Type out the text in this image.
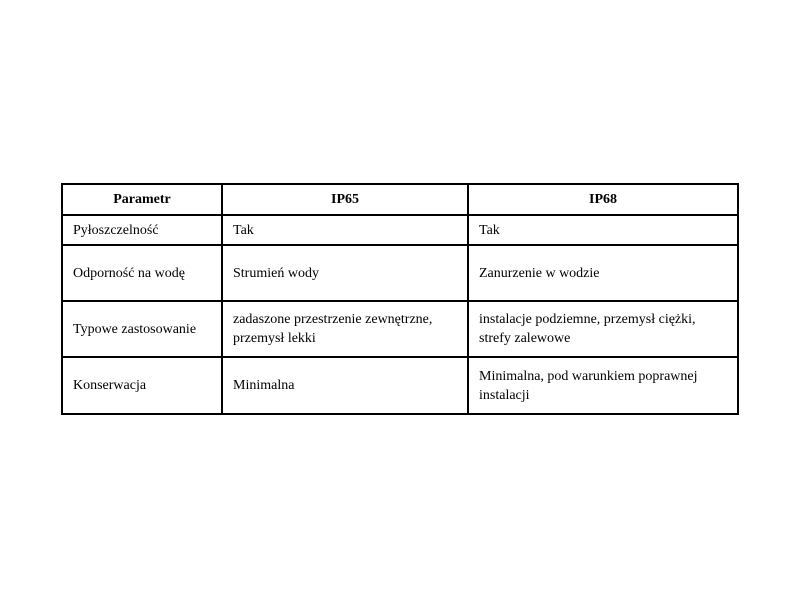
Parametr	IP65	IP68
Pyłoszczelność	Tak	Tak
Odporność na wodę	Strumień wody	Zanurzenie w wodzie
Typowe zastosowanie	zadaszone przestrzenie zewnętrzne, przemysł lekki	instalacje podziemne, przemysł ciężki, strefy zalewowe
Konserwacja	Minimalna	Minimalna, pod warunkiem poprawnej instalacji
